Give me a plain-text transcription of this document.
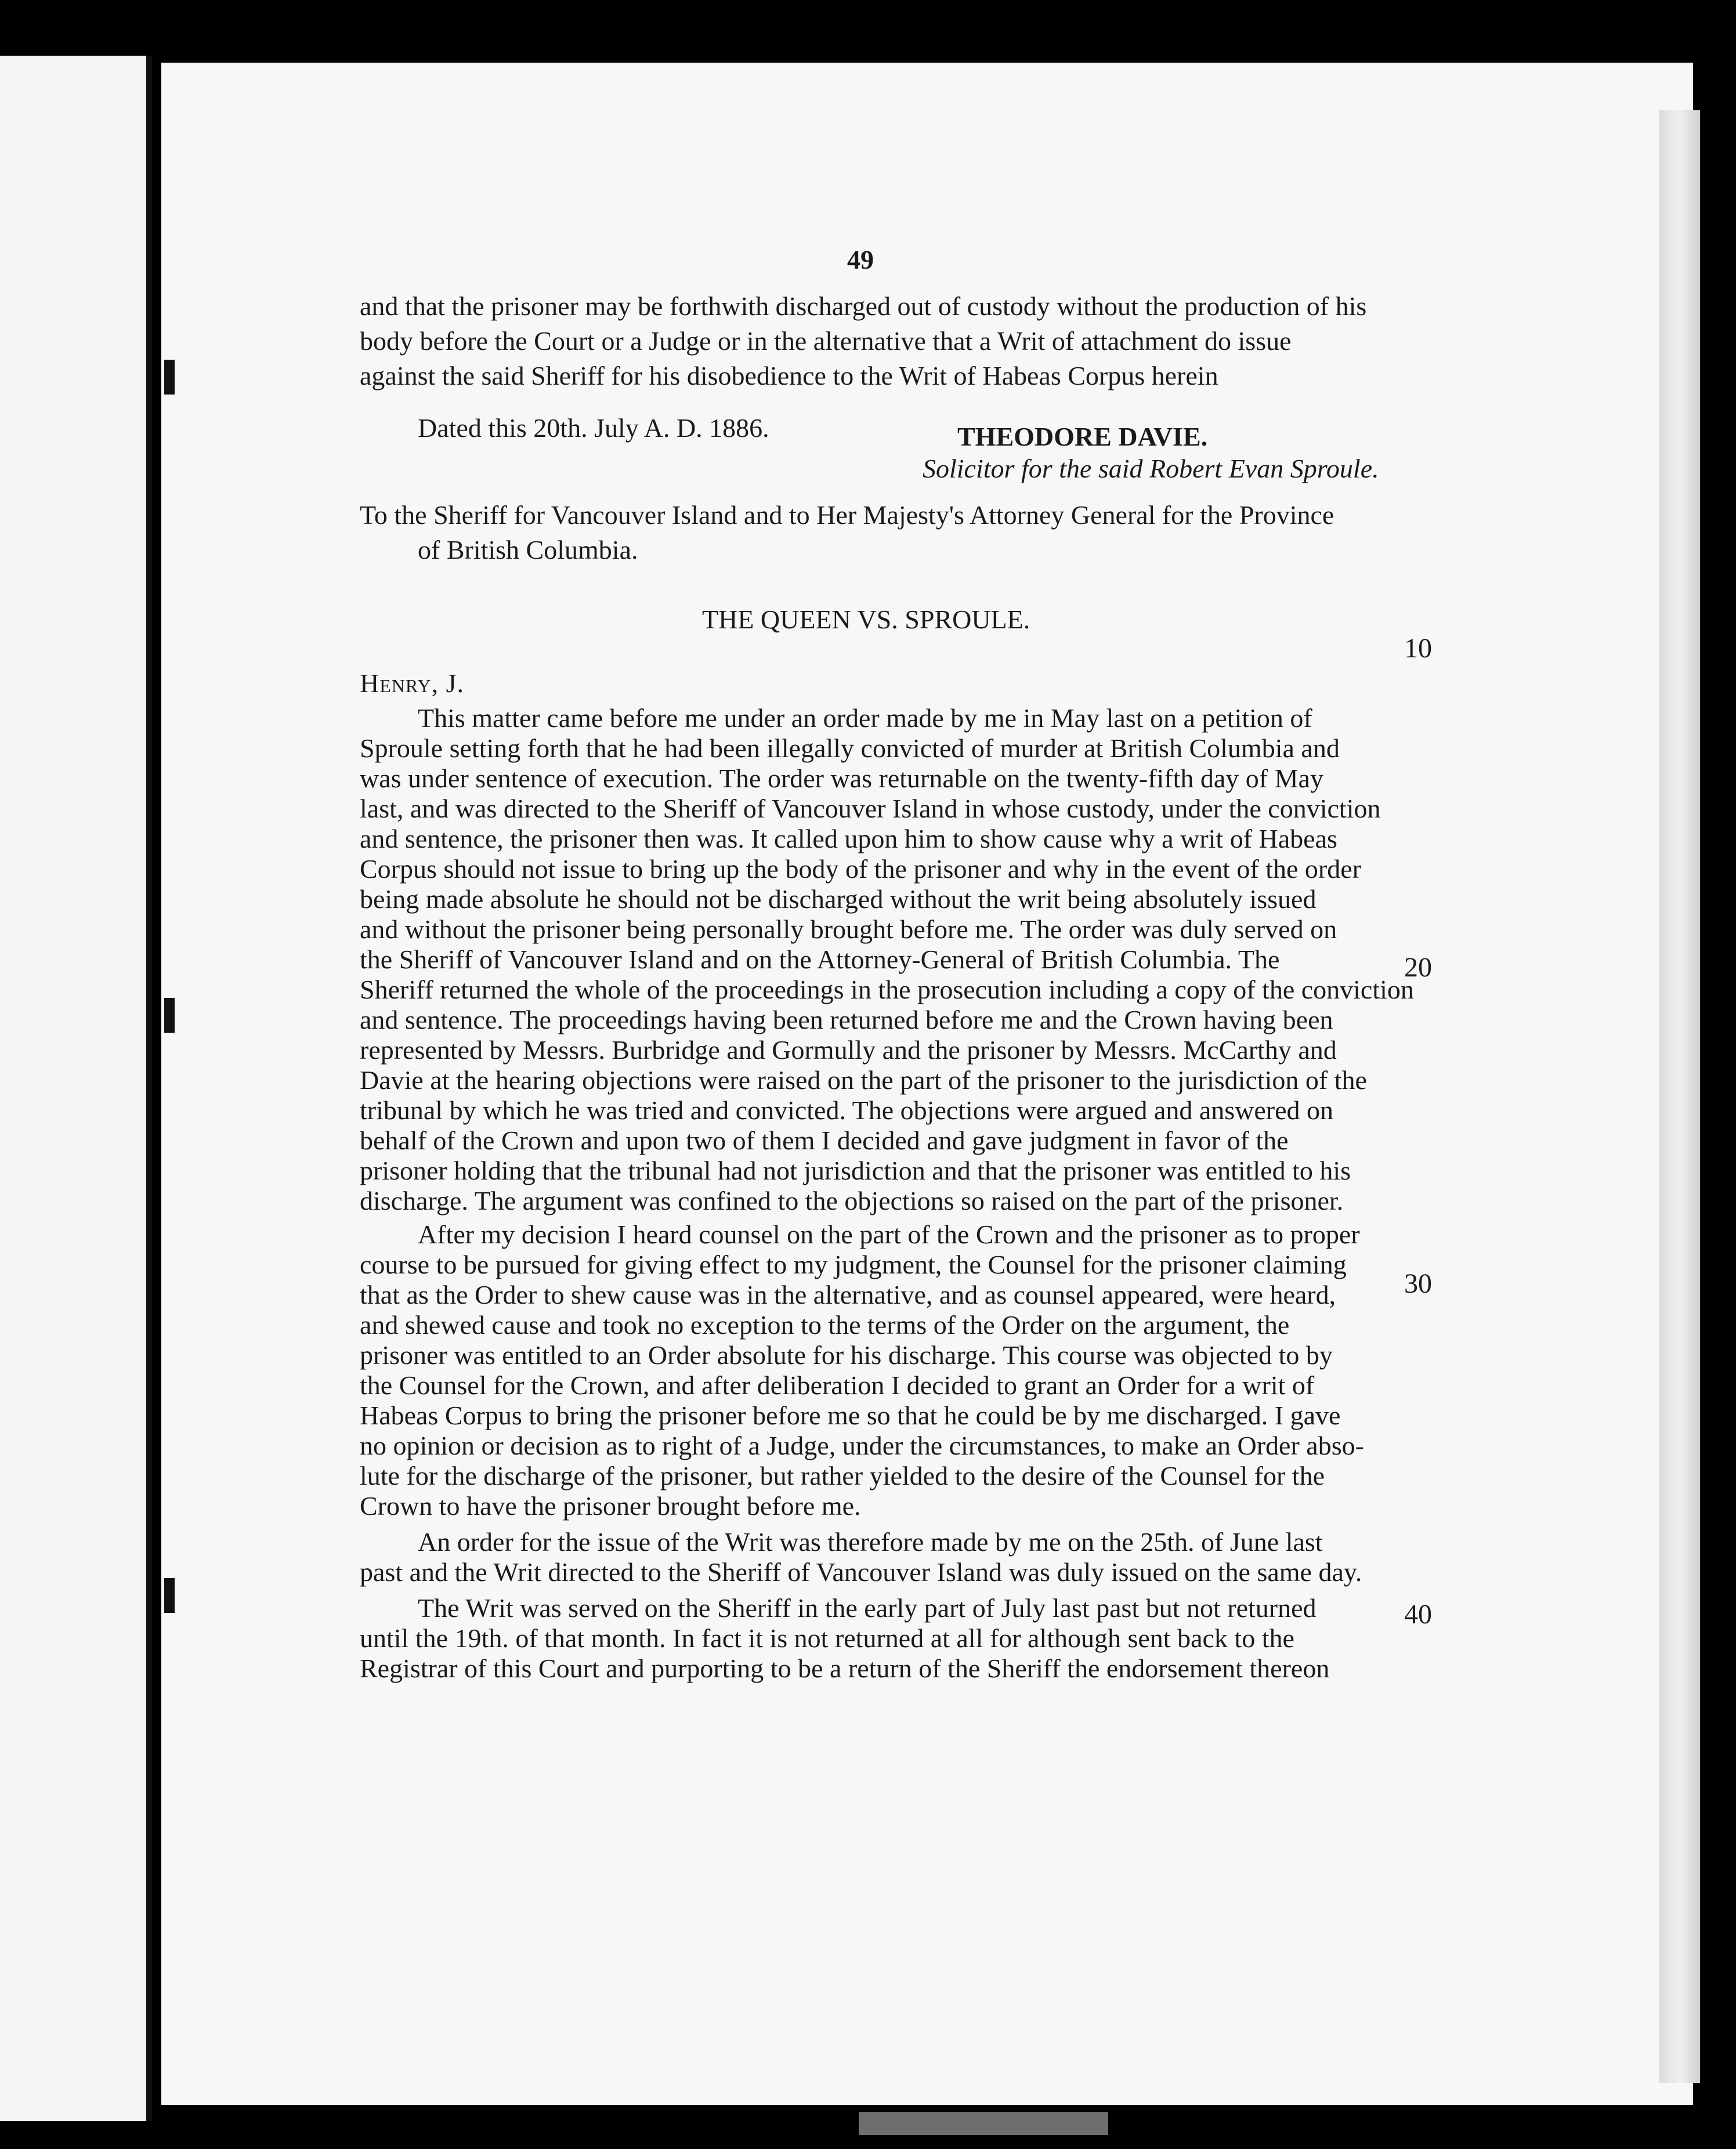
49
and that the prisoner may be forthwith discharged out of custody without the production of his
body before the Court or a Judge or in the alternative that a Writ of attachment do issue
against the said Sheriff for his disobedience to the Writ of Habeas Corpus herein
Dated this 20th. July A. D. 1886.	THEODORE DAVIE.
Solicitor for the said Robert Evan Sproule.
To the Sheriff for Vancouver Island and to Her Majesty's Attorney General for the Province
of British Columbia.
THE QUEEN VS. SPROULE.
Henry, J.
This matter came before me under an order made by me in May last on a petition of
Sproule setting forth that he had been illegally convicted of murder at British Columbia and
was under sentence of execution. The order was returnable on the twenty-fifth day of May
last, and was directed to the Sheriff of Vancouver Island in whose custody, under the conviction
and sentence, the prisoner then was. It called upon him to show cause why a writ of Habeas
Corpus should not issue to bring up the body of the prisoner and why in the event of the order
being made absolute he should not be discharged without the writ being absolutely issued
and without the prisoner being personally brought before me. The order was duly served on
the Sheriff of Vancouver Island and on the Attorney-General of British Columbia. The
Sheriff returned the whole of the proceedings in the prosecution including a copy of the conviction
and sentence. The proceedings having been returned before me and the Crown having been
represented by Messrs. Burbridge and Gormully and the prisoner by Messrs. McCarthy and
Davie at the hearing objections were raised on the part of the prisoner to the jurisdiction of the
tribunal by which he was tried and convicted. The objections were argued and answered on
behalf of the Crown and upon two of them I decided and gave judgment in favor of the
prisoner holding that the tribunal had not jurisdiction and that the prisoner was entitled to his
discharge. The argument was confined to the objections so raised on the part of the prisoner.
After my decision I heard counsel on the part of the Crown and the prisoner as to proper
course to be pursued for giving effect to my judgment, the Counsel for the prisoner claiming
that as the Order to shew cause was in the alternative, and as counsel appeared, were heard,
and shewed cause and took no exception to the terms of the Order on the argument, the
prisoner was entitled to an Order absolute for his discharge. This course was objected to by
the Counsel for the Crown, and after deliberation I decided to grant an Order for a writ of
Habeas Corpus to bring the prisoner before me so that he could be by me discharged. I gave
no opinion or decision as to right of a Judge, under the circumstances, to make an Order abso-
lute for the discharge of the prisoner, but rather yielded to the desire of the Counsel for the
Crown to have the prisoner brought before me.
An order for the issue of the Writ was therefore made by me on the 25th. of June last
past and the Writ directed to the Sheriff of Vancouver Island was duly issued on the same day.
The Writ was served on the Sheriff in the early part of July last past but not returned
until the 19th. of that month. In fact it is not returned at all for although sent back to the
Registrar of this Court and purporting to be a return of the Sheriff the endorsement thereon
10
20
30
40
